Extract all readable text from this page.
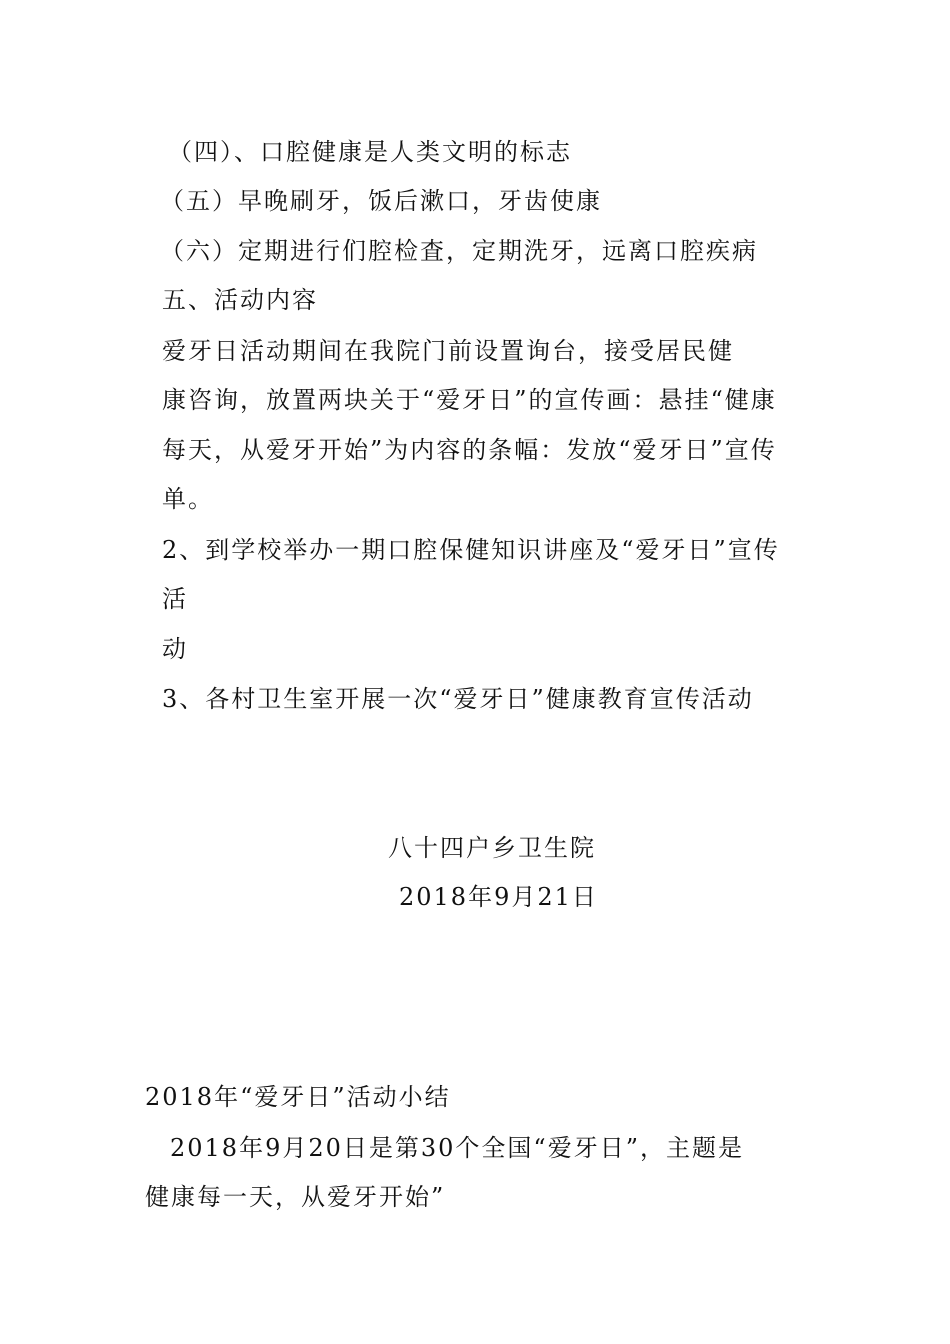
（四）、口腔健康是人类文明的标志
（五）早晚刷牙，饭后漱口，牙齿使康
（六）定期进行们腔检査，定期洗牙，远离口腔疾病
五、活动内容
爱牙日活动期间在我院门前设置询台，接受居民健
康咨询，放置两块关于“爱牙日”的宣传画：悬挂“健康
每天，从爱牙开始”为内容的条幅：发放“爱牙日”宣传
单。
2、到学校举办一期口腔保健知识讲座及“爱牙日”宣传
活
动
3、各村卫生室开展一次“爱牙日”健康教育宣传活动
八十四户乡卫生院
2018年9月21日
2018年“爱牙日”活动小结
2018年9月20日是第30个全国“爱牙日”，主题是
健康每一天，从爱牙开始”
